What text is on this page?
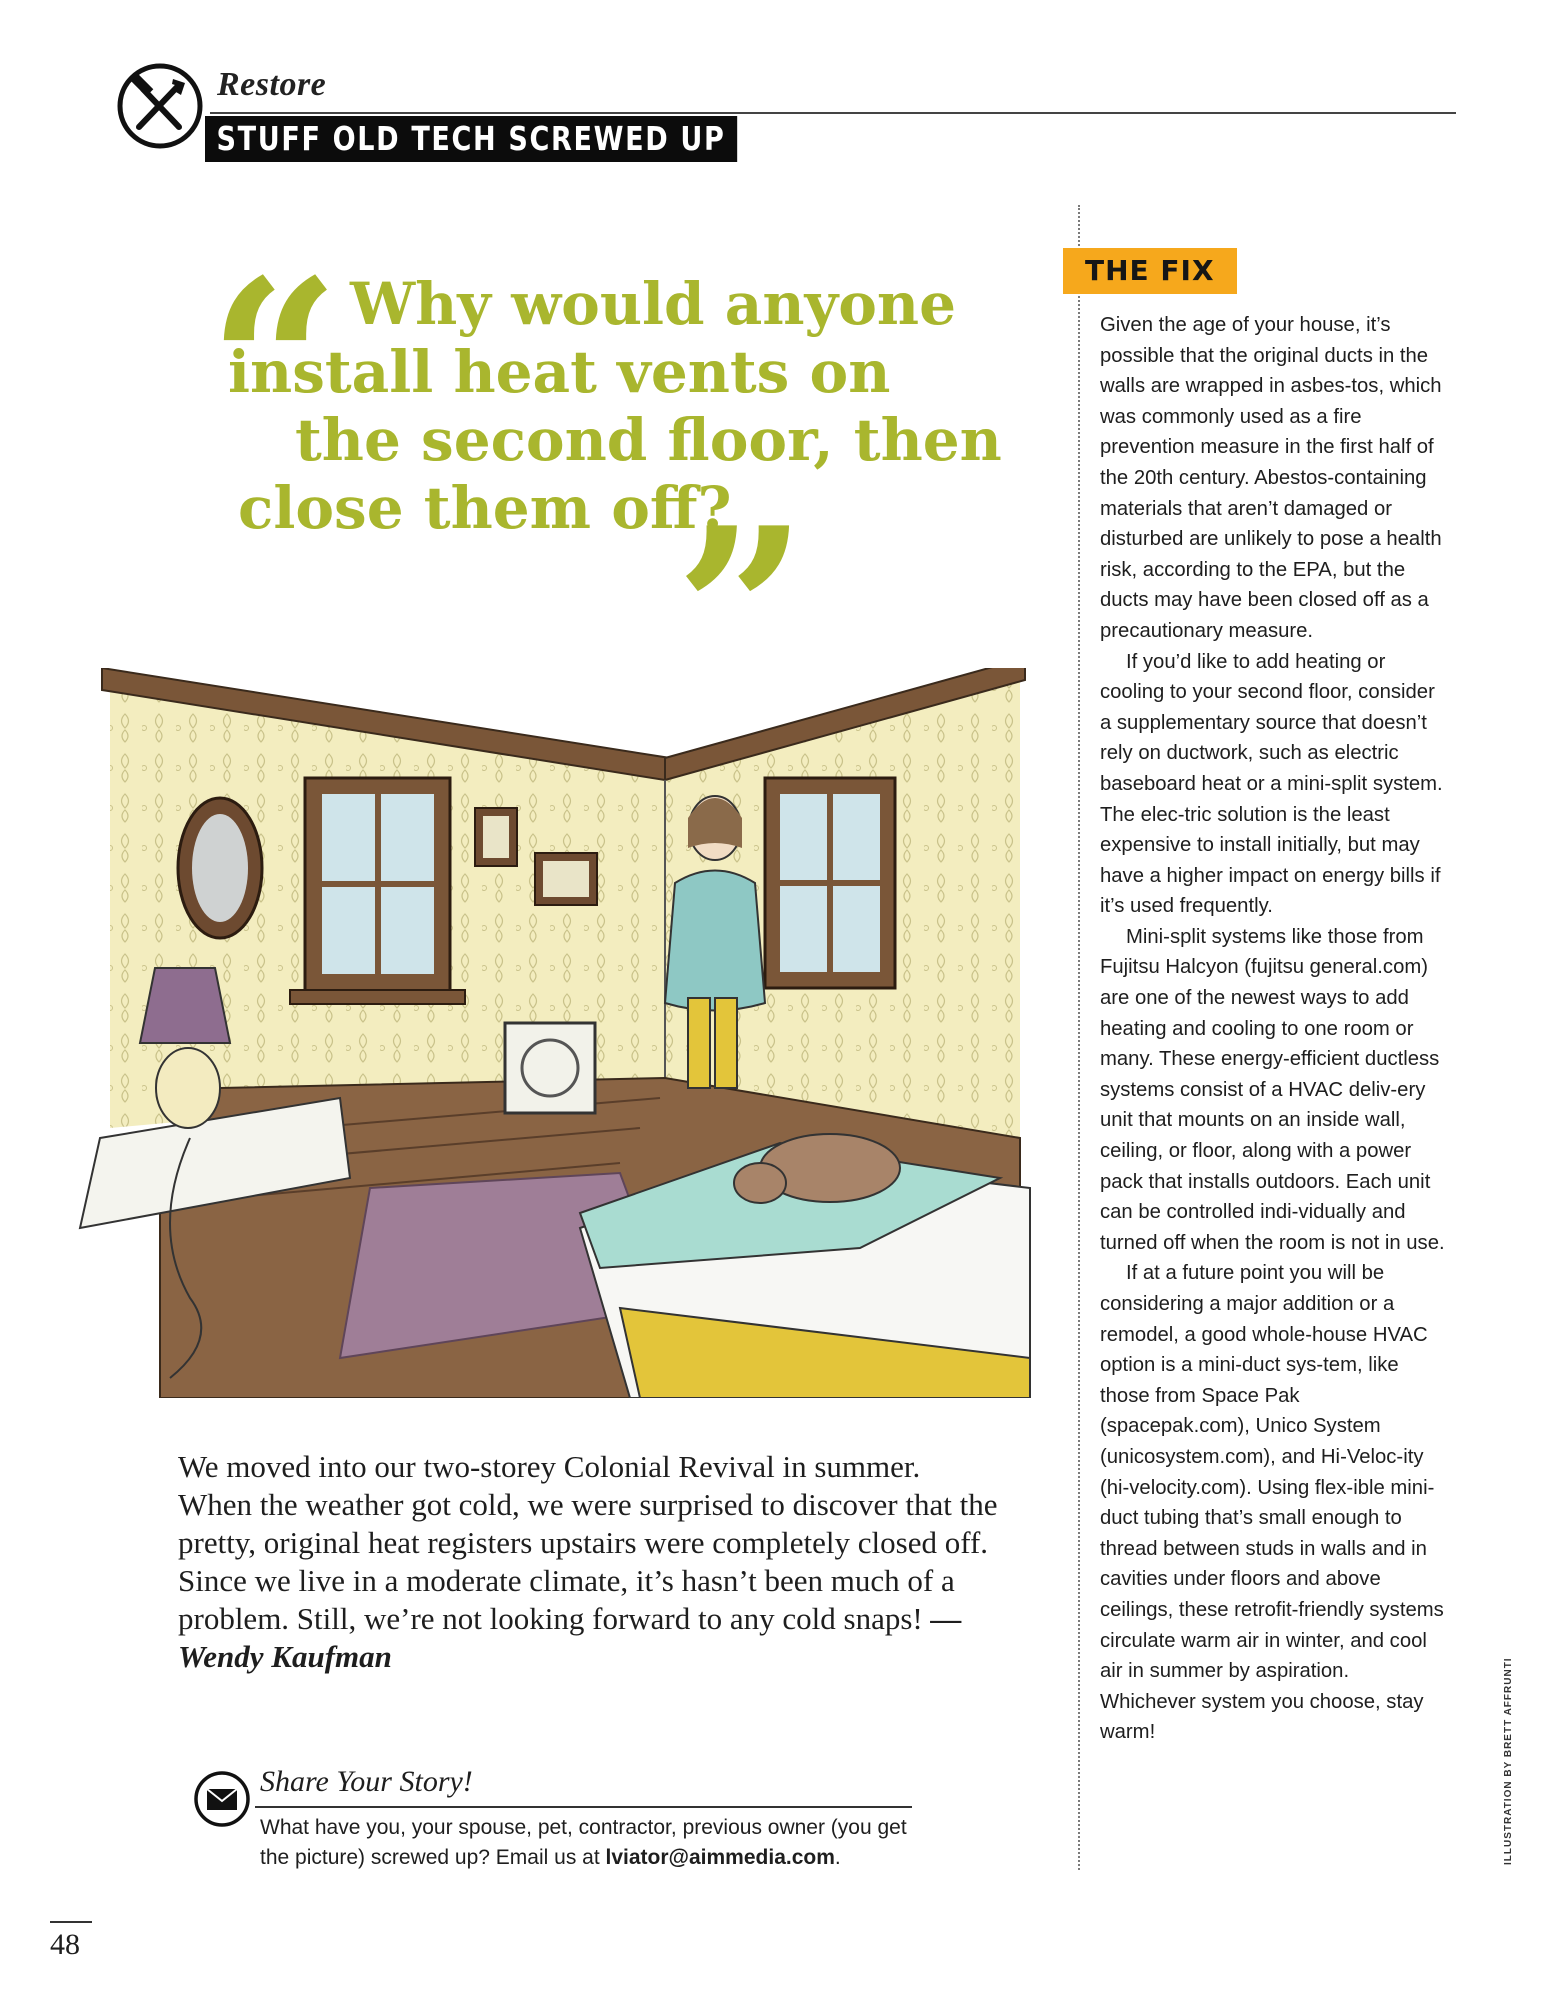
Restore
STUFF OLD TECH SCREWED UP
“ Why would anyone
install heat vents on
the second floor, then
close them off?
”
We moved into our two-storey Colonial Revival in summer. When the weather got cold, we were surprised to discover that the pretty, original heat registers upstairs were completely closed off. Since we live in a moderate climate, it’s hasn’t been much of a problem. Still, we’re not looking forward to any cold snaps! —Wendy Kaufman
Share Your Story!
What have you, your spouse, pet, contractor, previous owner (you get the picture) screwed up? Email us at lviator@aimmedia.com.
48
THE FIX

Given the age of your house, it’s possible that the original ducts in the walls are wrapped in asbes-tos, which was commonly used as a fire prevention measure in the first half of the 20th century. Abestos-containing materials that aren’t damaged or disturbed are unlikely to pose a health risk, according to the EPA, but the ducts may have been closed off as a precautionary measure.

If you’d like to add heating or cooling to your second floor, consider a supplementary source that doesn’t rely on ductwork, such as electric baseboard heat or a mini-split system. The elec-tric solution is the least expensive to install initially, but may have a higher impact on energy bills if it’s used frequently.

Mini-split systems like those from Fujitsu Halcyon (fujitsu general.com) are one of the newest ways to add heating and cooling to one room or many. These energy-efficient ductless systems consist of a HVAC deliv-ery unit that mounts on an inside wall, ceiling, or floor, along with a power pack that installs outdoors. Each unit can be controlled indi-vidually and turned off when the room is not in use.

If at a future point you will be considering a major addition or a remodel, a good whole-house HVAC option is a mini-duct sys-tem, like those from Space Pak (spacepak.com), Unico System (unicosystem.com), and Hi-Veloc-ity (hi-velocity.com). Using flex-ible mini-duct tubing that’s small enough to thread between studs in walls and in cavities under floors and above ceilings, these retrofit-friendly systems circulate warm air in winter, and cool air in summer by aspiration. Whichever system you choose, stay warm!	ILLUSTRATION BY BRETT AFFRUNTI
